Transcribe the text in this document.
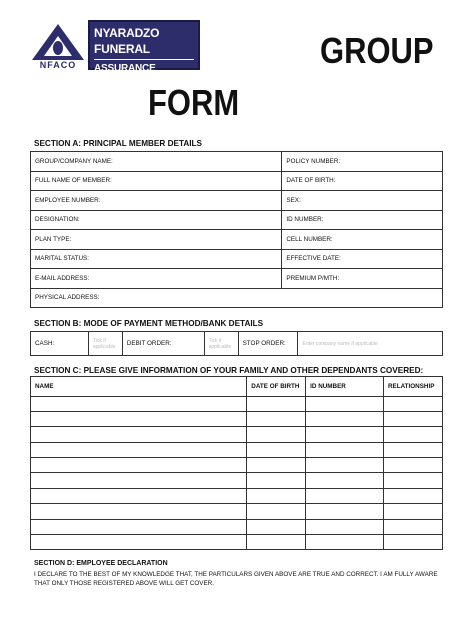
NFACO
NYARADZO FUNERAL
ASSURANCE COMPANY
GROUP
FORM
SECTION A: PRINCIPAL MEMBER DETAILS
GROUP/COMPANY NAME:	POLICY NUMBER:
FULL NAME OF MEMBER:	DATE OF BIRTH:
EMPLOYEE NUMBER:	SEX:
DESIGNATION:	ID NUMBER:
PLAN TYPE:	CELL NUMBER:
MARITAL STATUS:	EFFECTIVE DATE:
E-MAIL ADDRESS:	PREMIUM P/MTH:
PHYSICAL ADDRESS:	
SECTION B: MODE OF PAYMENT METHOD/BANK DETAILS
CASH:	Tick if applicable	DEBIT ORDER:	Tick if applicable	STOP ORDER:	Enter company name if applicable
SECTION C: PLEASE GIVE INFORMATION OF YOUR FAMILY AND OTHER DEPENDANTS COVERED:
NAME	DATE OF BIRTH	ID NUMBER	RELATIONSHIP

SECTION D: EMPLOYEE DECLARATION
I DECLARE TO THE BEST OF MY KNOWLEDGE THAT, THE PARTICULARS GIVEN ABOVE ARE TRUE AND CORRECT. I AM FULLY AWARE
THAT ONLY THOSE REGISTERED ABOVE WILL GET COVER.
